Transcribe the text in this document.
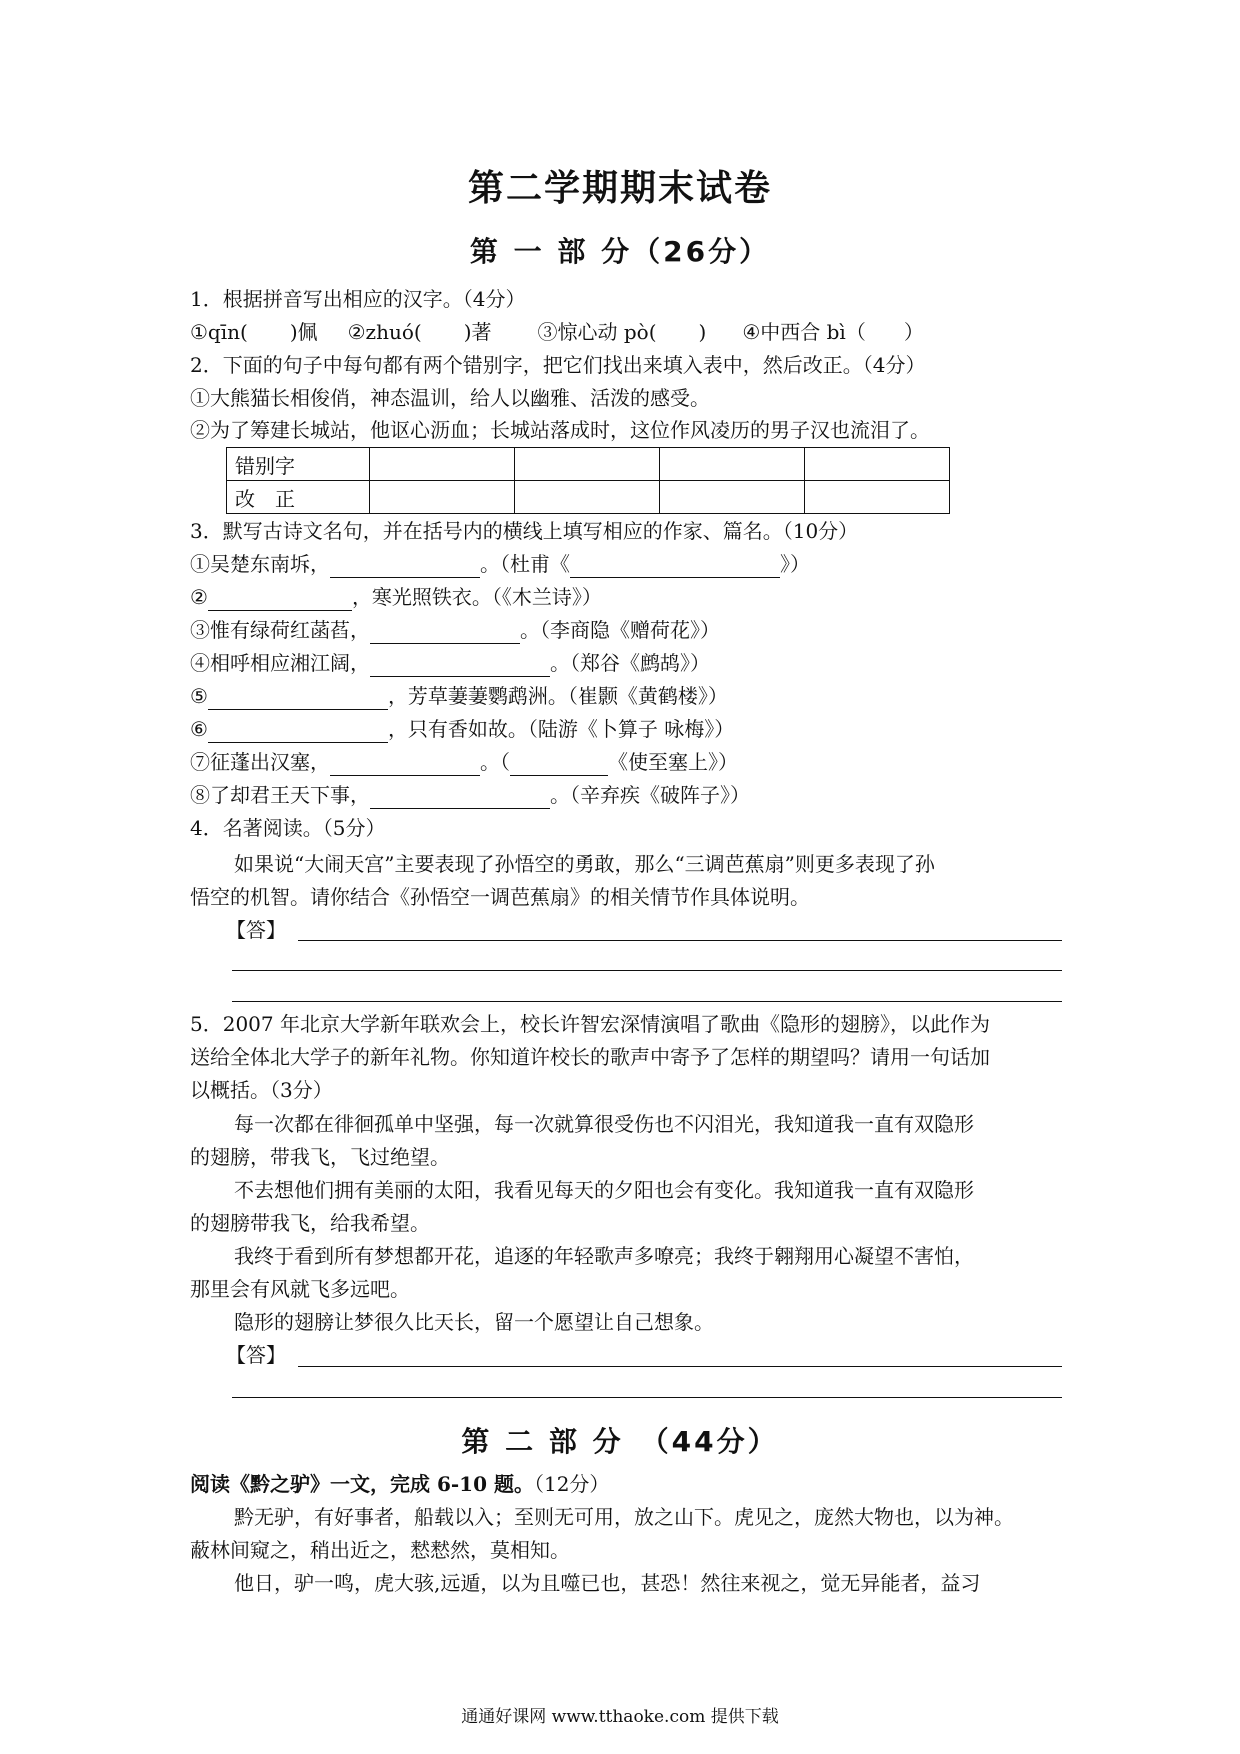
第二学期期末试卷
第 一 部 分（26分）
1．根据拼音写出相应的汉字。（4分）
①qīn( )佩 ②zhuó( )著 ③惊心动 pò( ) ④中西合 bì（ ）
2．下面的句子中每句都有两个错别字，把它们找出来填入表中，然后改正。（4分）
①大熊猫长相俊俏，神态温训，给人以幽雅、活泼的感受。
②为了筹建长城站，他讴心沥血；长城站落成时，这位作风凌历的男子汉也流泪了。
错别字				
改　正				
3．默写古诗文名句，并在括号内的横线上填写相应的作家、篇名。（10分）
①吴楚东南坼，	。（杜甫《	》）
②	，寒光照铁衣。（《木兰诗》）
③惟有绿荷红菡萏，	。（李商隐《赠荷花》）
④相呼相应湘江阔，	。（郑谷《鹧鸪》）
⑤	，芳草萋萋鹦鹉洲。（崔颢《黄鹤楼》）
⑥	，只有香如故。（陆游《卜算子 咏梅》）
⑦征蓬出汉塞，	。（	《使至塞上》）
⑧了却君王天下事，	。（辛弃疾《破阵子》）
4．名著阅读。（5分）
如果说“大闹天宫”主要表现了孙悟空的勇敢，那么“三调芭蕉扇”则更多表现了孙
悟空的机智。请你结合《孙悟空一调芭蕉扇》的相关情节作具体说明。
【答】
5．2007 年北京大学新年联欢会上，校长许智宏深情演唱了歌曲《隐形的翅膀》，以此作为
送给全体北大学子的新年礼物。你知道许校长的歌声中寄予了怎样的期望吗？请用一句话加
以概括。（3分）
每一次都在徘徊孤单中坚强，每一次就算很受伤也不闪泪光，我知道我一直有双隐形
的翅膀，带我飞，飞过绝望。
不去想他们拥有美丽的太阳，我看见每天的夕阳也会有变化。我知道我一直有双隐形
的翅膀带我飞，给我希望。
我终于看到所有梦想都开花，追逐的年轻歌声多嘹亮；我终于翱翔用心凝望不害怕，
那里会有风就飞多远吧。
隐形的翅膀让梦很久比天长，留一个愿望让自己想象。
【答】
第 二 部 分　（44分）
阅读《黔之驴》一文，完成 6-10 题。（12分）
黔无驴，有好事者，船载以入；至则无可用，放之山下。虎见之，庞然大物也，以为神。
蔽林间窥之，稍出近之，慭慭然，莫相知。
他日，驴一鸣，虎大骇,远遁，以为且噬已也，甚恐！然往来视之，觉无异能者，益习
通通好课网 www.tthaoke.com 提供下载
